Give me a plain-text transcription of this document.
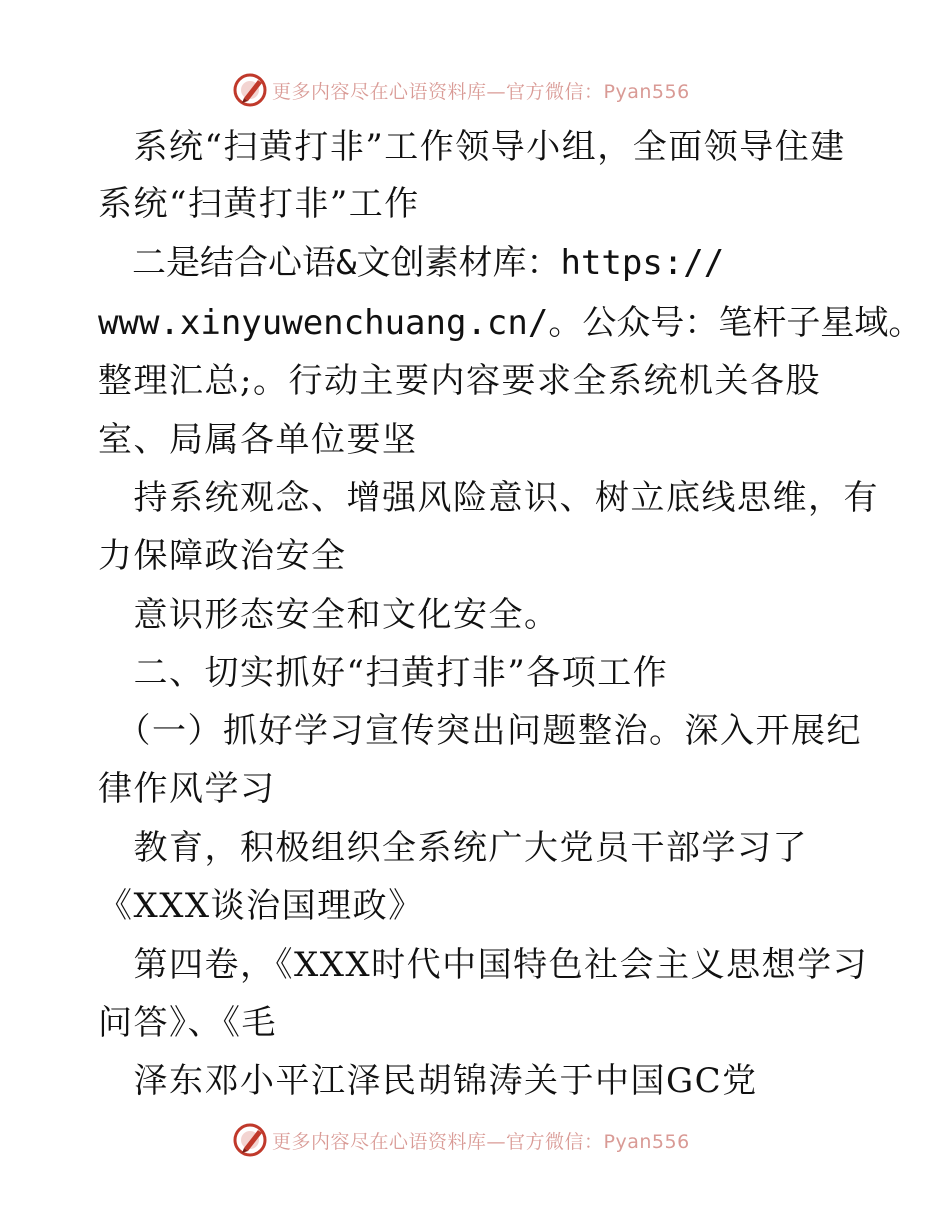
更多内容尽在心语资料库—官方微信：Pyan556
　系统“扫黄打非”工作领导小组，全面领导住建
系统“扫黄打非”工作
　二是结合心语&文创素材库：https://
www.xinyuwenchuang.cn/。公众号：笔杆子星域。
整理汇总;。行动主要内容要求全系统机关各股
室、局属各单位要坚
　持系统观念、增强风险意识、树立底线思维，有
力保障政治安全
　意识形态安全和文化安全。
　二、切实抓好“扫黄打非”各项工作
　（一）抓好学习宣传突出问题整治。深入开展纪
律作风学习
　教育，积极组织全系统广大党员干部学习了
《XXX谈治国理政》
　第四卷，《XXX时代中国特色社会主义思想学习
问答》、《毛
　泽东邓小平江泽民胡锦涛关于中国GC党
更多内容尽在心语资料库—官方微信：Pyan556
